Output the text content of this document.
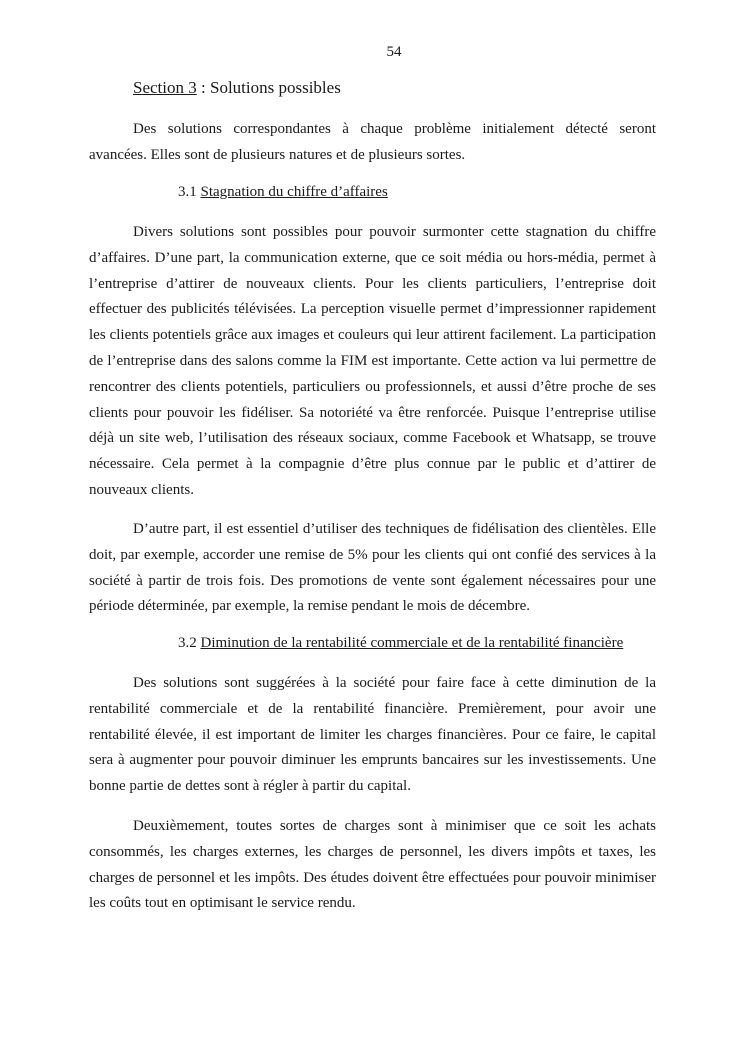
54
Section 3 : Solutions possibles

Des solutions correspondantes à chaque problème initialement détecté seront avancées. Elles sont de plusieurs natures et de plusieurs sortes.

3.1 Stagnation du chiffre d’affaires

Divers solutions sont possibles pour pouvoir surmonter cette stagnation du chiffre d’affaires. D’une part, la communication externe, que ce soit média ou hors-média, permet à l’entreprise d’attirer de nouveaux clients. Pour les clients particuliers, l’entreprise doit effectuer des publicités télévisées. La perception visuelle permet d’impressionner rapidement les clients potentiels grâce aux images et couleurs qui leur attirent facilement. La participation de l’entreprise dans des salons comme la FIM est importante. Cette action va lui permettre de rencontrer des clients potentiels, particuliers ou professionnels, et aussi d’être proche de ses clients pour pouvoir les fidéliser. Sa notoriété va être renforcée. Puisque l’entreprise utilise déjà un site web, l’utilisation des réseaux sociaux, comme Facebook et Whatsapp, se trouve nécessaire. Cela permet à la compagnie d’être plus connue par le public et d’attirer de nouveaux clients.

D’autre part, il est essentiel d’utiliser des techniques de fidélisation des clientèles. Elle doit, par exemple, accorder une remise de 5% pour les clients qui ont confié des services à la société à partir de trois fois. Des promotions de vente sont également nécessaires pour une période déterminée, par exemple, la remise pendant le mois de décembre.

3.2 Diminution de la rentabilité commerciale et de la rentabilité financière

Des solutions sont suggérées à la société pour faire face à cette diminution de la rentabilité commerciale et de la rentabilité financière. Premièrement, pour avoir une rentabilité élevée, il est important de limiter les charges financières. Pour ce faire, le capital sera à augmenter pour pouvoir diminuer les emprunts bancaires sur les investissements. Une bonne partie de dettes sont à régler à partir du capital.

Deuxièmement, toutes sortes de charges sont à minimiser que ce soit les achats consommés, les charges externes, les charges de personnel, les divers impôts et taxes, les charges de personnel et les impôts. Des études doivent être effectuées pour pouvoir minimiser les coûts tout en optimisant le service rendu.
